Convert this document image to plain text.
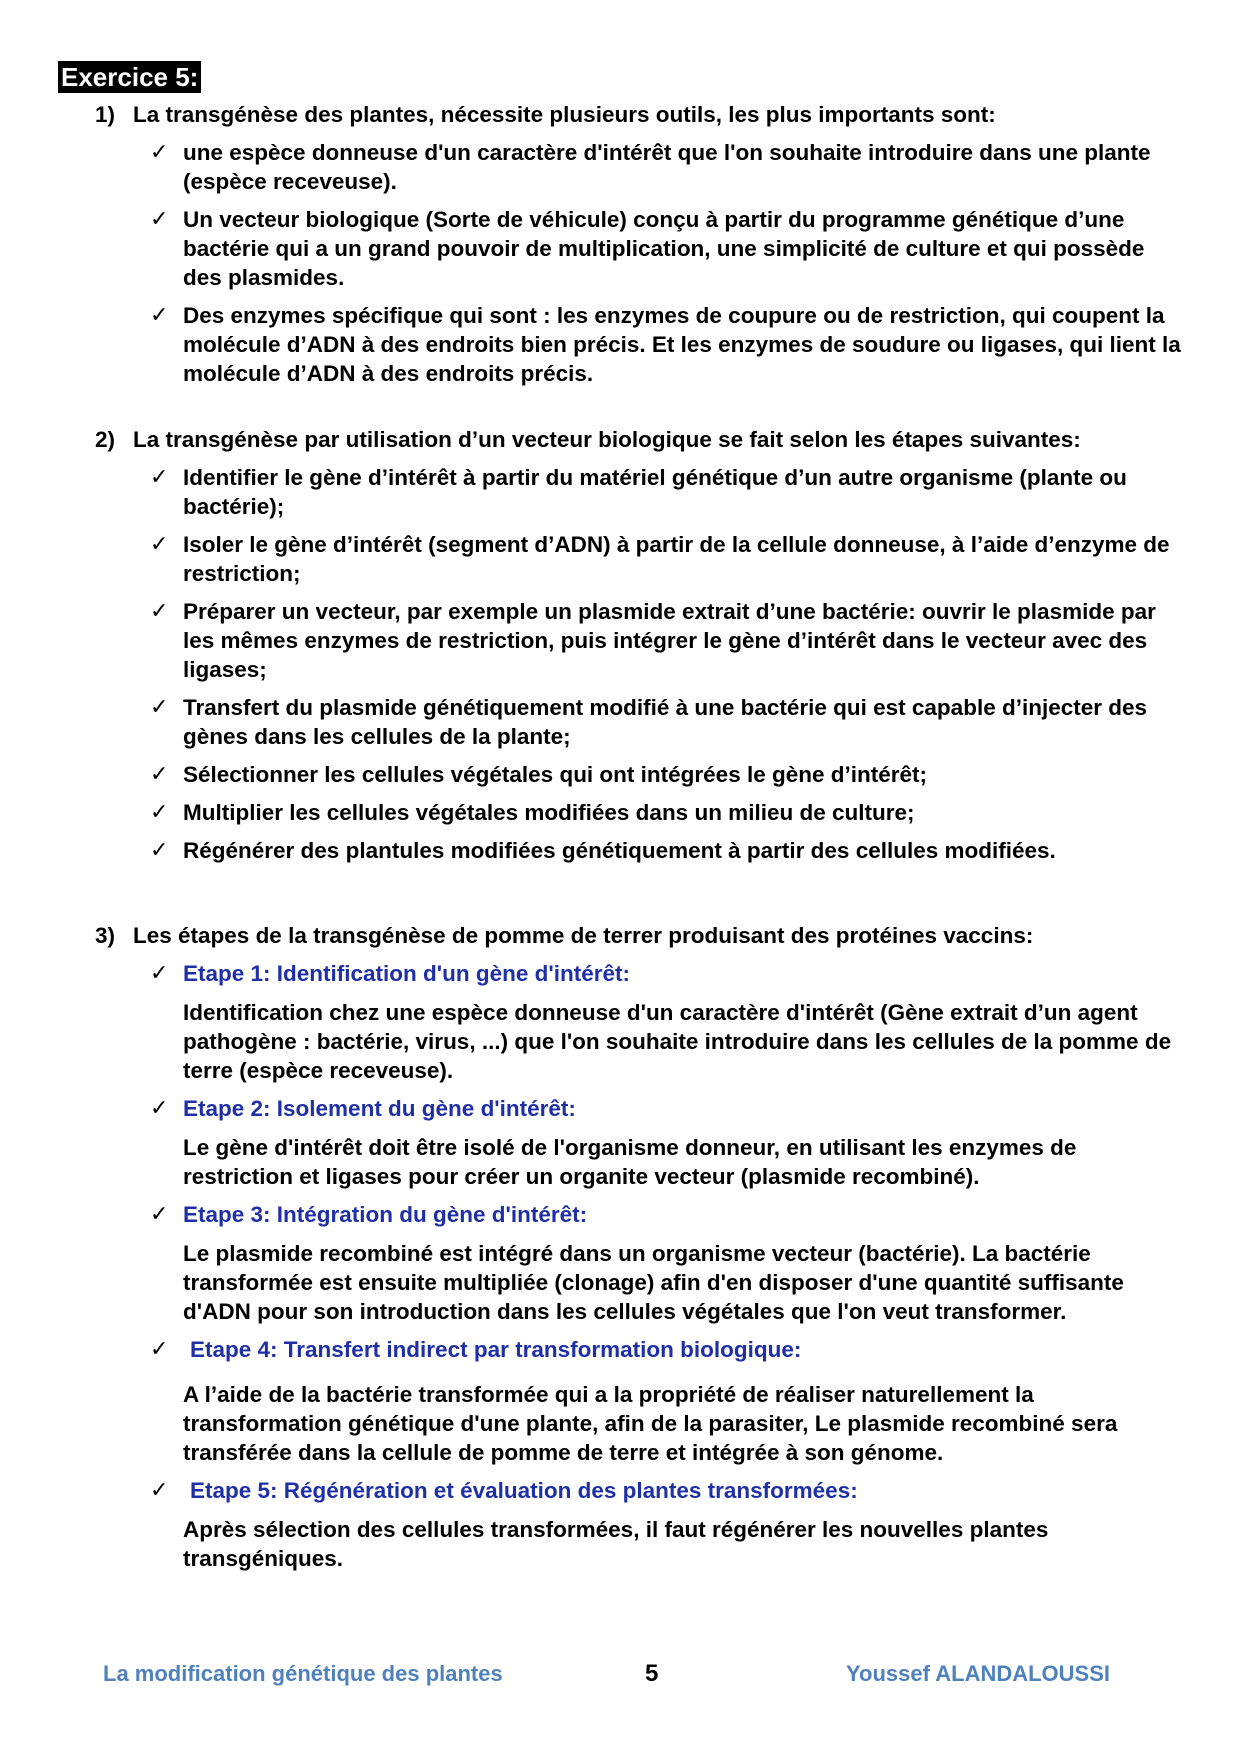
Exercice 5:
1) La transgénèse des plantes, nécessite plusieurs outils, les plus importants sont:
✓ une espèce donneuse d'un caractère d'intérêt que l'on souhaite introduire dans une plante (espèce receveuse).
✓ Un vecteur biologique (Sorte de véhicule) conçu à partir du programme génétique d’une bactérie qui a un grand pouvoir de multiplication, une simplicité de culture et qui possède des plasmides.
✓ Des enzymes spécifique qui sont : les enzymes de coupure ou de restriction, qui coupent la molécule d’ADN à des endroits bien précis. Et les enzymes de soudure ou ligases, qui lient la molécule d’ADN à des endroits précis.
2) La transgénèse par utilisation d’un vecteur biologique se fait selon les étapes suivantes:
✓ Identifier le gène d’intérêt à partir du matériel génétique d’un autre organisme (plante ou bactérie);
✓ Isoler le gène d’intérêt (segment d’ADN) à partir de la cellule donneuse, à l’aide d’enzyme de restriction;
✓ Préparer un vecteur, par exemple un plasmide extrait d’une bactérie: ouvrir le plasmide par les mêmes enzymes de restriction, puis intégrer le gène d’intérêt dans le vecteur avec des ligases;
✓ Transfert du plasmide génétiquement modifié à une bactérie qui est capable d’injecter des gènes dans les cellules de la plante;
✓ Sélectionner les cellules végétales qui ont intégrées le gène d’intérêt;
✓ Multiplier les cellules végétales modifiées dans un milieu de culture;
✓ Régénérer des plantules modifiées génétiquement à partir des cellules modifiées.
3) Les étapes de la transgénèse de pomme de terrer produisant des protéines vaccins:
✓ Etape 1: Identification d'un gène d'intérêt:
Identification chez une espèce donneuse d'un caractère d'intérêt (Gène extrait d’un agent pathogène : bactérie, virus, ...) que l'on souhaite introduire dans les cellules de la pomme de terre (espèce receveuse).
✓ Etape 2: Isolement du gène d'intérêt:
Le gène d'intérêt doit être isolé de l'organisme donneur, en utilisant les enzymes de restriction et ligases pour créer un organite vecteur (plasmide recombiné).
✓ Etape 3: Intégration du gène d'intérêt:
Le plasmide recombiné est intégré dans un organisme vecteur (bactérie). La bactérie transformée est ensuite multipliée (clonage) afin d'en disposer d'une quantité suffisante d'ADN pour son introduction dans les cellules végétales que l'on veut transformer.
✓ Etape 4: Transfert indirect par transformation biologique:
A l’aide de la bactérie transformée qui a la propriété de réaliser naturellement la transformation génétique d'une plante, afin de la parasiter, Le plasmide recombiné sera transférée dans la cellule de pomme de terre et intégrée à son génome.
✓ Etape 5: Régénération et évaluation des plantes transformées:
Après sélection des cellules transformées, il faut régénérer les nouvelles plantes transgéniques.
La modification génétique des plantes	5	Youssef ALANDALOUSSI
